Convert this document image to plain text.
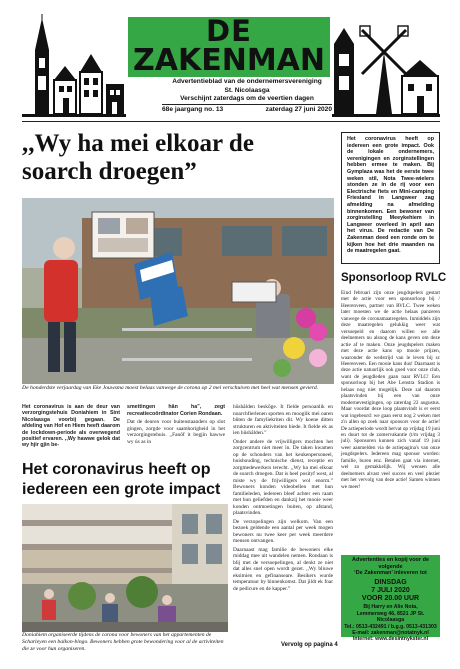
DE
ZAKENMAN
Advertentieblad van de ondernemersvereniging
St. Nicolaasga
Verschijnt zaterdags om de veertien dagen
68e jaargang no. 13	zaterdag 27 juni 2020
,,Wy ha mei elkoar de soarch droegen”
De honderdste verjaardag van Eke Jouwsma moest helaas vanwege de corona op 2 mei verschuiven met heel wat mensen gevierd.

Het coronavirus is aan de deur van verzorgingstehuis Doniahiem in Sint Nicolaasga voorbij gegaan. De afdeling van Hof en Hiem heeft daarom de lockdown-periode als overwegend positief ervaren. ,,Wy hawwe gelok dat wy hjir gjin be-

smettingen hân ha”, zegt recreatiecoördinator Corien Rondaan.

Dat de deuren voor buitenstaanders op slot gingen, zorgde voor saamhorigheid in het verzorgingstehuis. ,,Fanôf it begjin hawwe wy ús as in

Het coronavirus heeft op iedereen een grote impact
Doniahiem organiseerde tijdens de corona voor bewoners van het appartementen de Scharleyen een balkon-bingo. Bewoners hebben grote bewondering voor al de activiteiten die ze voor hun organiseren.

hûshâlden beskôge. It fielde persoanlik en noarchfierlenen sporten en mooglik mei oaren bûten de famyliekriten dit. Wy koene ditten strukturen en aktiviteiten biede. It fielde ek as ien hûshâlden.”

Onder andere de vrijwilligers mochten het zorgcentrum niet meer in. De taken kwamen op de schouders van het keukenpersoneel, huishouding, technische dienst, receptie en zorgmedewerkers terecht. ,,Wy ha mei elkoar de soarch droegen. Dat is heel posityf west, al miste wy de frijwilligers wol enorm.” Bewoners konden videobellen met hun familieleden, iedereen bleef achter een raam met hun geliefden en dankzij het mooie weer konden ontmoetingen buiten, op afstand, plaatsvinden.

De verzopelingen zijn welkom. Van een bezoek geldende een aantal per week mogen bewoners nu twee keer per week meerdere mensen ontvangen.

Daarnaast mag familie de bewoners elke middag mee uit wandelen nemen. Rondaan is blij met de versoepelingen, al denkt ze niet dat alles snel open wordt gezet. ,,Wy bliuwe eksimien en gefinanseare. Besikers wurde temperatuur by binnenkomst. Dat jildt ek foar de pedicure en de kapper.”

Vervolg op pagina 4
Het coronavirus heeft op iedereen een grote impact. Ook de lokale ondernemers, verenigingen en zorginstellingen hebben ermee te maken. Bij Gymplaza was het de eerste twee weken stil, Nota Twee-wielers stonden ze in de rij voor een Electrische fiets en Mini-camping Friesland in Langweer zag afmelding na afmelding binnenkomen. Een bewoner van zorginstelling Meeykehiem in Langweer overleed in april aan het virus. De redactie van De Zakenman deed een ronde om te kijken hoe het drie maanden na de maatregelen gaat.
Sponsorloop RVLC
Eind februari zijn onze jeugdspelers gestart met de actie voor een sponsorloop bij / Heerenveen, partner van RVLC. Twee weken later moesten we de actie helaas panzeren vanwege de coronamaatregelen. Inmiddels zijn deze maatregelen gelukkig weer wat versoepeld en daarom willen we alle deelnemers nu alsnog de kans geven om deze actie af te maken. Onze jeugdspelers maken met deze actie kans op mooie prijzen, waaronder de wedstrijd van le leven bij sc Heerenveen. Een mooie kans dus! Daarnaast is deze actie natuurlijk ook goed voor onze club, want de jeugdleden gaan naar RVLC! Een sponsorloop bij het Abe Lenstra Stadion is helaas nog niet mogelijk. Deze zal daarom plaatsvinden bij een van onze modernevestigingen, op zaterdag 22 augustus. Maar voordat deze loop plaatsvindt is er eerst wat ingebeurd: we gaan eerst nog 2 weken met z'n allen op zoek naar sponsors voor de actie! De actieperiode wordt hervat op vrijdag 19 juni en duurt tot de zomervakantie (t/m vrijdag 3 juli). Sponsoren kunnen zich vanaf 19 juni weer aanmelden via de actiepagina's van onze jeugdspelers. Iedereen mag sponsor worden: familie, buren enz. Betalen gaat via internet, wel zo gemakkelijk. Wij wensen alle deelnemers alvast veel succes en veel plezier met het vervolg van deze actie! Samen winnen we meer!
Advertenties en kopij voor de volgende
‘De Zakenman’ inleveren tot
DINSDAG
7 JULI 2020
VOOR 20.00 UUR
Bij Harry en Alie Nota,
Lemmerweg 46, 8521 JP St. Nicolaasga
Tel.: 0513-432491 / b.g.g. 0513-431303
E-mail: zakenman@notatnyk.nl
Internet: www.desintnykster.nl
